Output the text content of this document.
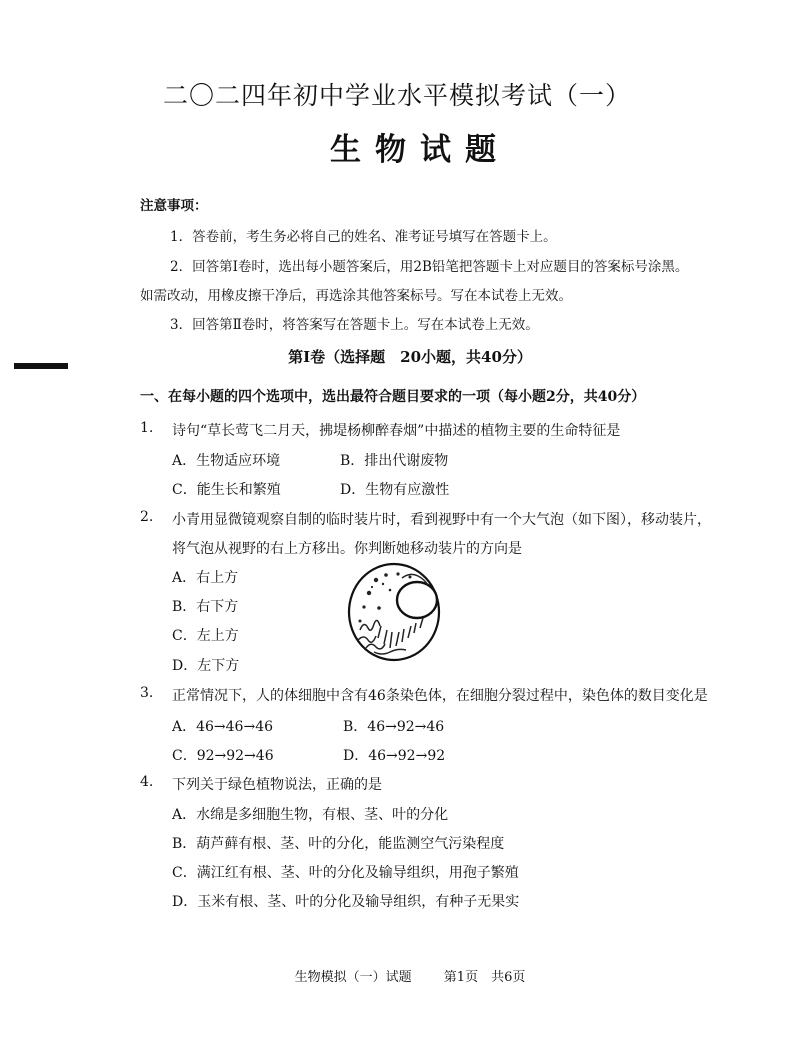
二〇二四年初中学业水平模拟考试（一）
生物试题
注意事项：
1．答卷前，考生务必将自己的姓名、准考证号填写在答题卡上。
2．回答第Ⅰ卷时，选出每小题答案后，用2B铅笔把答题卡上对应题目的答案标号涂黑。
如需改动，用橡皮擦干净后，再选涂其他答案标号。写在本试卷上无效。
3．回答第Ⅱ卷时，将答案写在答题卡上。写在本试卷上无效。
第Ⅰ卷（选择题　20小题，共40分）
一、在每小题的四个选项中，选出最符合题目要求的一项（每小题2分，共40分）
1. 诗句“草长莺飞二月天，拂堤杨柳醉春烟”中描述的植物主要的生命特征是
A．生物适应环境	B．排出代谢废物
C．能生长和繁殖	D．生物有应激性
2. 小青用显微镜观察自制的临时装片时，看到视野中有一个大气泡（如下图），移动装片，
将气泡从视野的右上方移出。你判断她移动装片的方向是
A．右上方
B．右下方
C．左上方
D．左下方
3. 正常情况下，人的体细胞中含有46条染色体，在细胞分裂过程中，染色体的数目变化是
A．46→46→46	B．46→92→46
C．92→92→46	D．46→92→92
4. 下列关于绿色植物说法，正确的是
A．水绵是多细胞生物，有根、茎、叶的分化
B．葫芦藓有根、茎、叶的分化，能监测空气污染程度
C．满江红有根、茎、叶的分化及输导组织，用孢子繁殖
D．玉米有根、茎、叶的分化及输导组织，有种子无果实
生物模拟（一）试题 第1页　共6页
